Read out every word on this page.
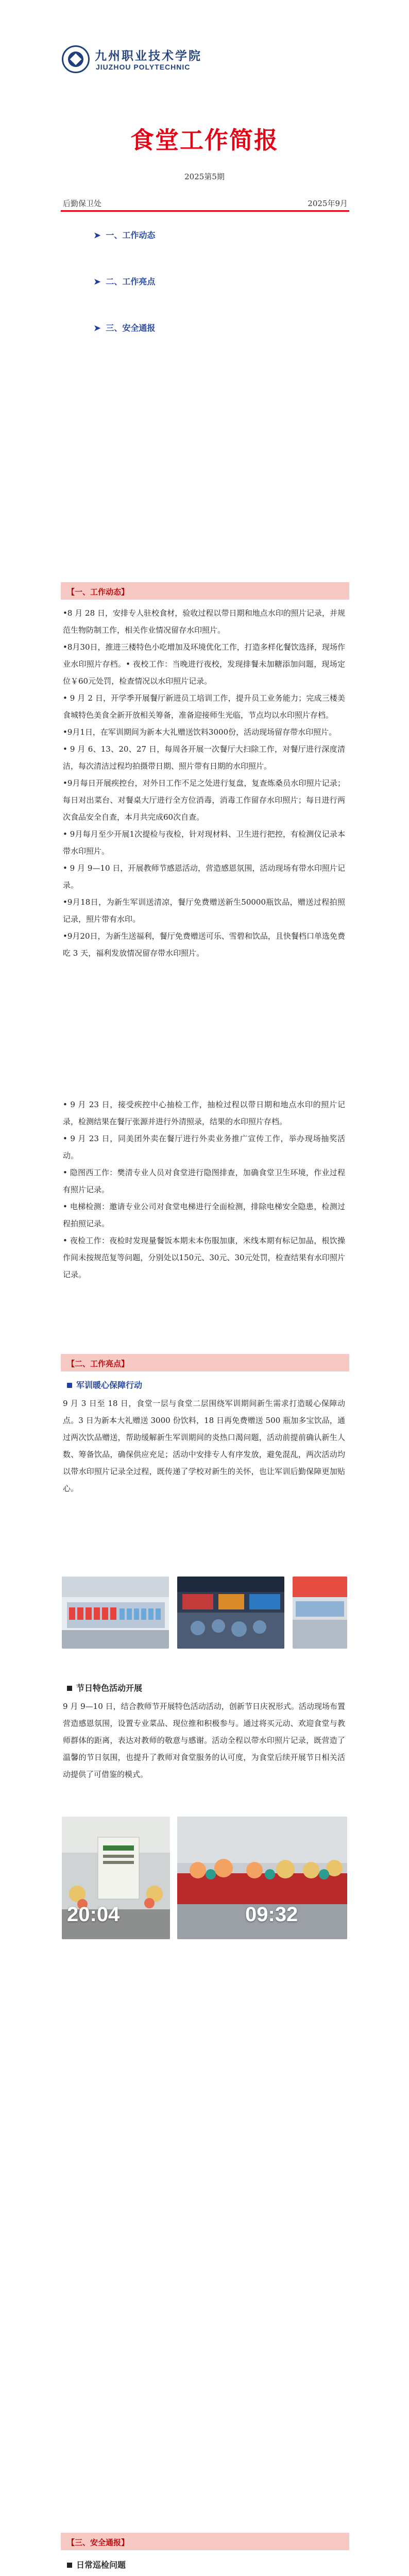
九州职业技术学院
JIUZHOU POLYTECHNIC
食堂工作简报
2025第5期
后勤保卫处	2025年9月
➤ 一、工作动态
➤ 二、工作亮点
➤ 三、安全通报
【一、工作动态】
•8 月 28 日，安排专人驻校食材，验收过程以带日期和地点水印的照片记录，并规范生物防制工作，相关作业情况留存水印照片。
•8月30日，推进三楼特色小吃增加及环境优化工作，打造多样化餐饮选择，现场作业水印照片存档。• 夜校工作：当晚进行夜校，发现排餐未加糖添加问题，现场定位￥60元处罚，检查情况以水印照片记录。
• 9 月 2 日，开学季开展餐厅新进员工培训工作，提升员工业务能力；完成三楼美食城特色美食全新开放相关筹备，准备迎接师生光临，节点均以水印照片存档。
•9月1日，在军训期间为新本大礼赠送饮料3000份，活动现场留存带水印照片。
• 9 月 6、13、20、27 日，每周各开展一次餐厅大扫除工作，对餐厅进行深度清洁，每次清洁过程均拍摄带日期、照片带有日期的水印照片。
•9月每日开展疾控台，对外日工作不足之处进行复盘，复查炼桑员水印照片记录；每日对出菜台、对餐桌大厅进行全方位消毒，消毒工作留存水印照片；每日进行两次食品安全自查，本月共完成60次自查。
• 9月每月至少开展1次提检与夜检，针对现材料、卫生进行把控，有检测仪记录本带水印照片。
• 9 月 9—10 日，开展教师节感恩活动，营造感恩氛围，活动现场有带水印照片记录。
•9月18日，为新生军训送清凉，餐厅免费赠送新生50000瓶饮品，赠送过程拍照记录，照片带有水印。
•9月20日，为新生送福利，餐厅免费赠送可乐、雪碧和饮品，且快餐档口单选免费吃 3 天，福利发放情况留存带水印照片。
• 9 月 23 日，接受疾控中心抽检工作，抽检过程以带日期和地点水印的照片记录，检测结果在餐厅张源并进行外清照录，结果的水印照片存档。
• 9 月 23 日，同美团外卖在餐厅进行外卖业务推广宣传工作，举办现场抽奖活动。
• 隐图西工作：樊清专业人员对食堂进行隐图排查，加确食堂卫生环境，作业过程有照片记录。
• 电梯检测：邀请专业公司对食堂电梯进行全面检测，排除电梯安全隐患，检测过程拍照记录。
• 夜检工作：夜检时发现量餐饭本期未本伤服加康，米线本期有标记加晶，根饮操作间未按规范复等问题，分别处以150元、30元、30元处罚，检查结果有水印照片记录。
【二、工作亮点】
军训暖心保障行动
9 月 3 日至 18 日，食堂一层与食堂二层围绕军训期间新生需求打造暖心保障动点。3 日为新本大礼赠送 3000 份饮料，18 日再免费赠送 500 瓶加多宝饮品，通过两次饮品赠送，帮助缓解新生军训期间的炎热口渴问题，活动前提前确认新生人数、筹备饮品，确保供应充足；活动中安排专人有序发放，避免混乱，两次活动均以带水印照片记录全过程，既传递了学校对新生的关怀，也让军训后勤保障更加贴心。
节日特色活动开展
9 月 9—10 日，结合教师节开展特色活动活动，创新节日庆祝形式。活动现场布置营造感恩氛围，设置专业菜品、现位推和积极参与。通过将买元动、欢迎食堂与教师群体的距离，表达对教师的敬意与感谢。活动全程以带水印照片记录，既营造了温馨的节日氛围，也提升了教师对食堂服务的认可度，为食堂后续开展节日相关活动提供了可借鉴的模式。
20:04	09:32
【三、安全通报】
日常巡检问题
